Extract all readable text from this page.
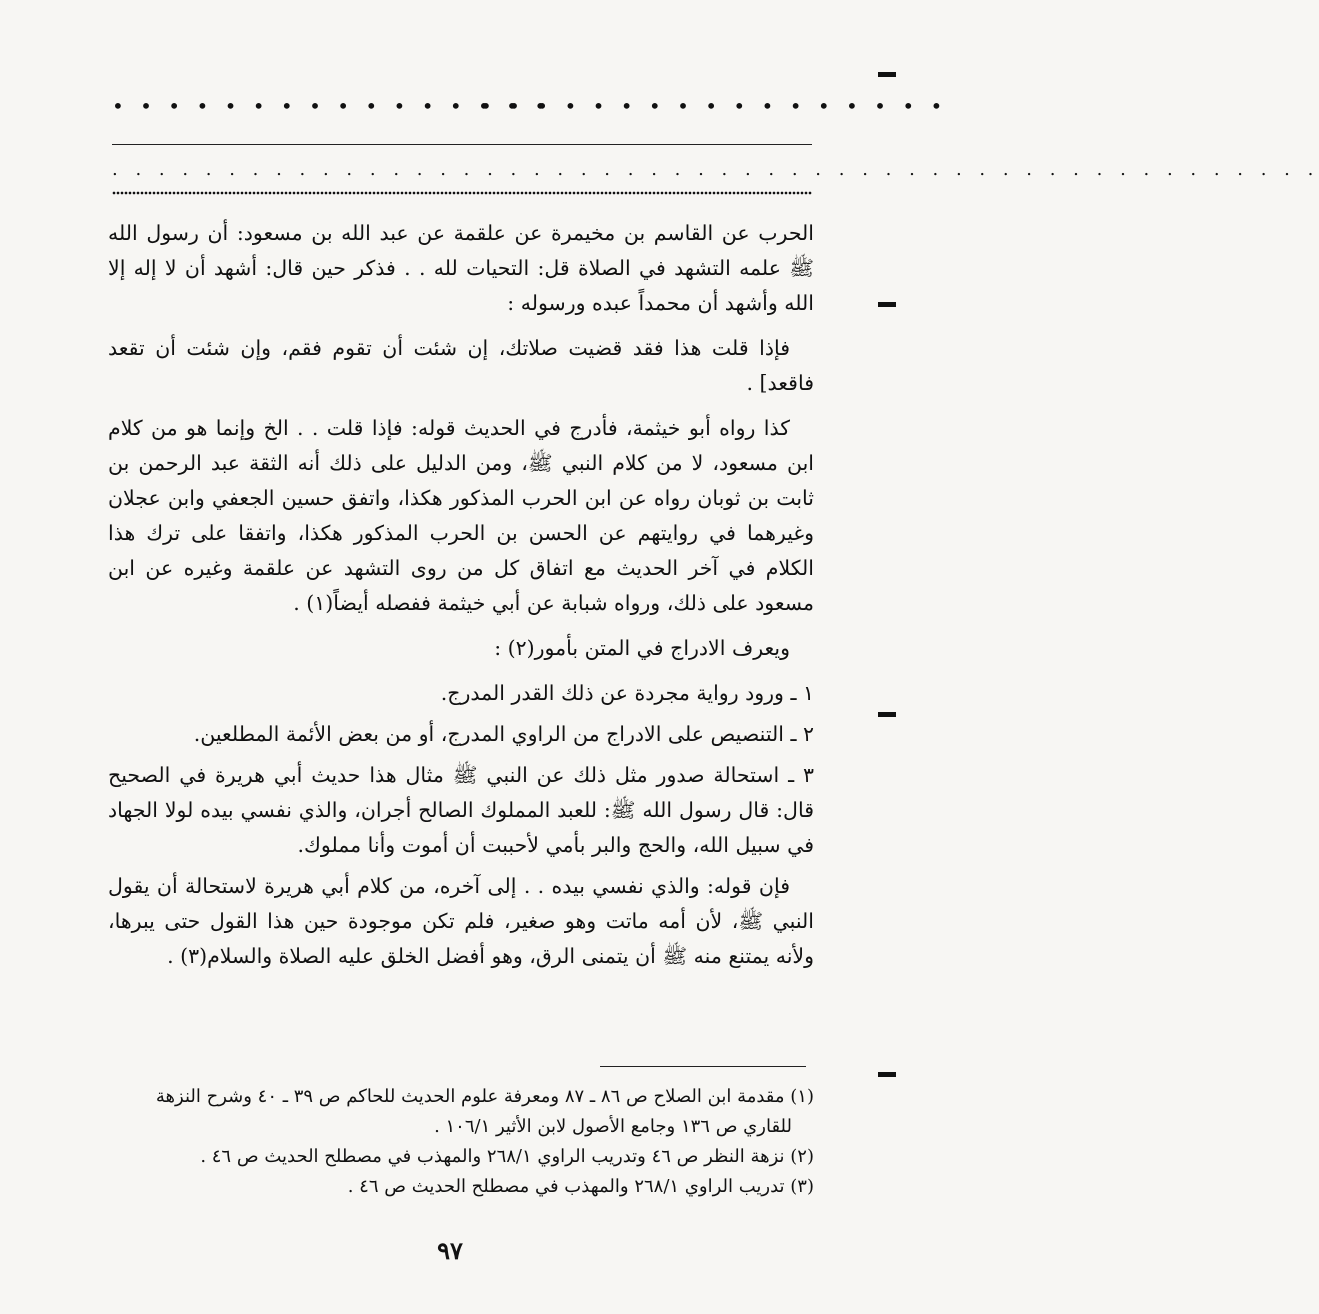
• • • • • • • • • • • • • • • • •
• • • • • • • • • • • • • • • •
. . . . . . . . . . . . . . . . . . . . . . . . . . . . . . . . . . . . . . . . . . . . . . . . . . . .

الحرب عن القاسم بن مخيمرة عن علقمة عن عبد الله بن مسعود: أن رسول الله ﷺ علمه التشهد في الصلاة قل: التحيات لله . . فذكر حين قال: أشهد أن لا إله إلا الله وأشهد أن محمداً عبده ورسوله :

فإذا قلت هذا فقد قضيت صلاتك، إن شئت أن تقوم فقم، وإن شئت أن تقعد فاقعد] .

كذا رواه أبو خيثمة، فأدرج في الحديث قوله: فإذا قلت . . الخ وإنما هو من كلام ابن مسعود، لا من كلام النبي ﷺ، ومن الدليل على ذلك أنه الثقة عبد الرحمن بن ثابت بن ثوبان رواه عن ابن الحرب المذكور هكذا، واتفق حسين الجعفي وابن عجلان وغيرهما في روايتهم عن الحسن بن الحرب المذكور هكذا، واتفقا على ترك هذا الكلام في آخر الحديث مع اتفاق كل من روى التشهد عن علقمة وغيره عن ابن مسعود على ذلك، ورواه شبابة عن أبي خيثمة ففصله أيضاً(١) .

ويعرف الادراج في المتن بأمور(٢) :

١ ـ ورود رواية مجردة عن ذلك القدر المدرج.

٢ ـ التنصيص على الادراج من الراوي المدرج، أو من بعض الأئمة المطلعين.

٣ ـ استحالة صدور مثل ذلك عن النبي ﷺ مثال هذا حديث أبي هريرة في الصحيح قال: قال رسول الله ﷺ: للعبد المملوك الصالح أجران، والذي نفسي بيده لولا الجهاد في سبيل الله، والحج والبر بأمي لأحببت أن أموت وأنا مملوك.

فإن قوله: والذي نفسي بيده . . إلى آخره، من كلام أبي هريرة لاستحالة أن يقول النبي ﷺ، لأن أمه ماتت وهو صغير، فلم تكن موجودة حين هذا القول حتى يبرها، ولأنه يمتنع منه ﷺ أن يتمنى الرق، وهو أفضل الخلق عليه الصلاة والسلام(٣) .

(١) مقدمة ابن الصلاح ص ٨٦ ـ ٨٧ ومعرفة علوم الحديث للحاكم ص ٣٩ ـ ٤٠ وشرح النزهة

للقاري ص ١٣٦ وجامع الأصول لابن الأثير ١٠٦/١ .

(٢) نزهة النظر ص ٤٦ وتدريب الراوي ٢٦٨/١ والمهذب في مصطلح الحديث ص ٤٦ .

(٣) تدريب الراوي ٢٦٨/١ والمهذب في مصطلح الحديث ص ٤٦ .

٩٧
